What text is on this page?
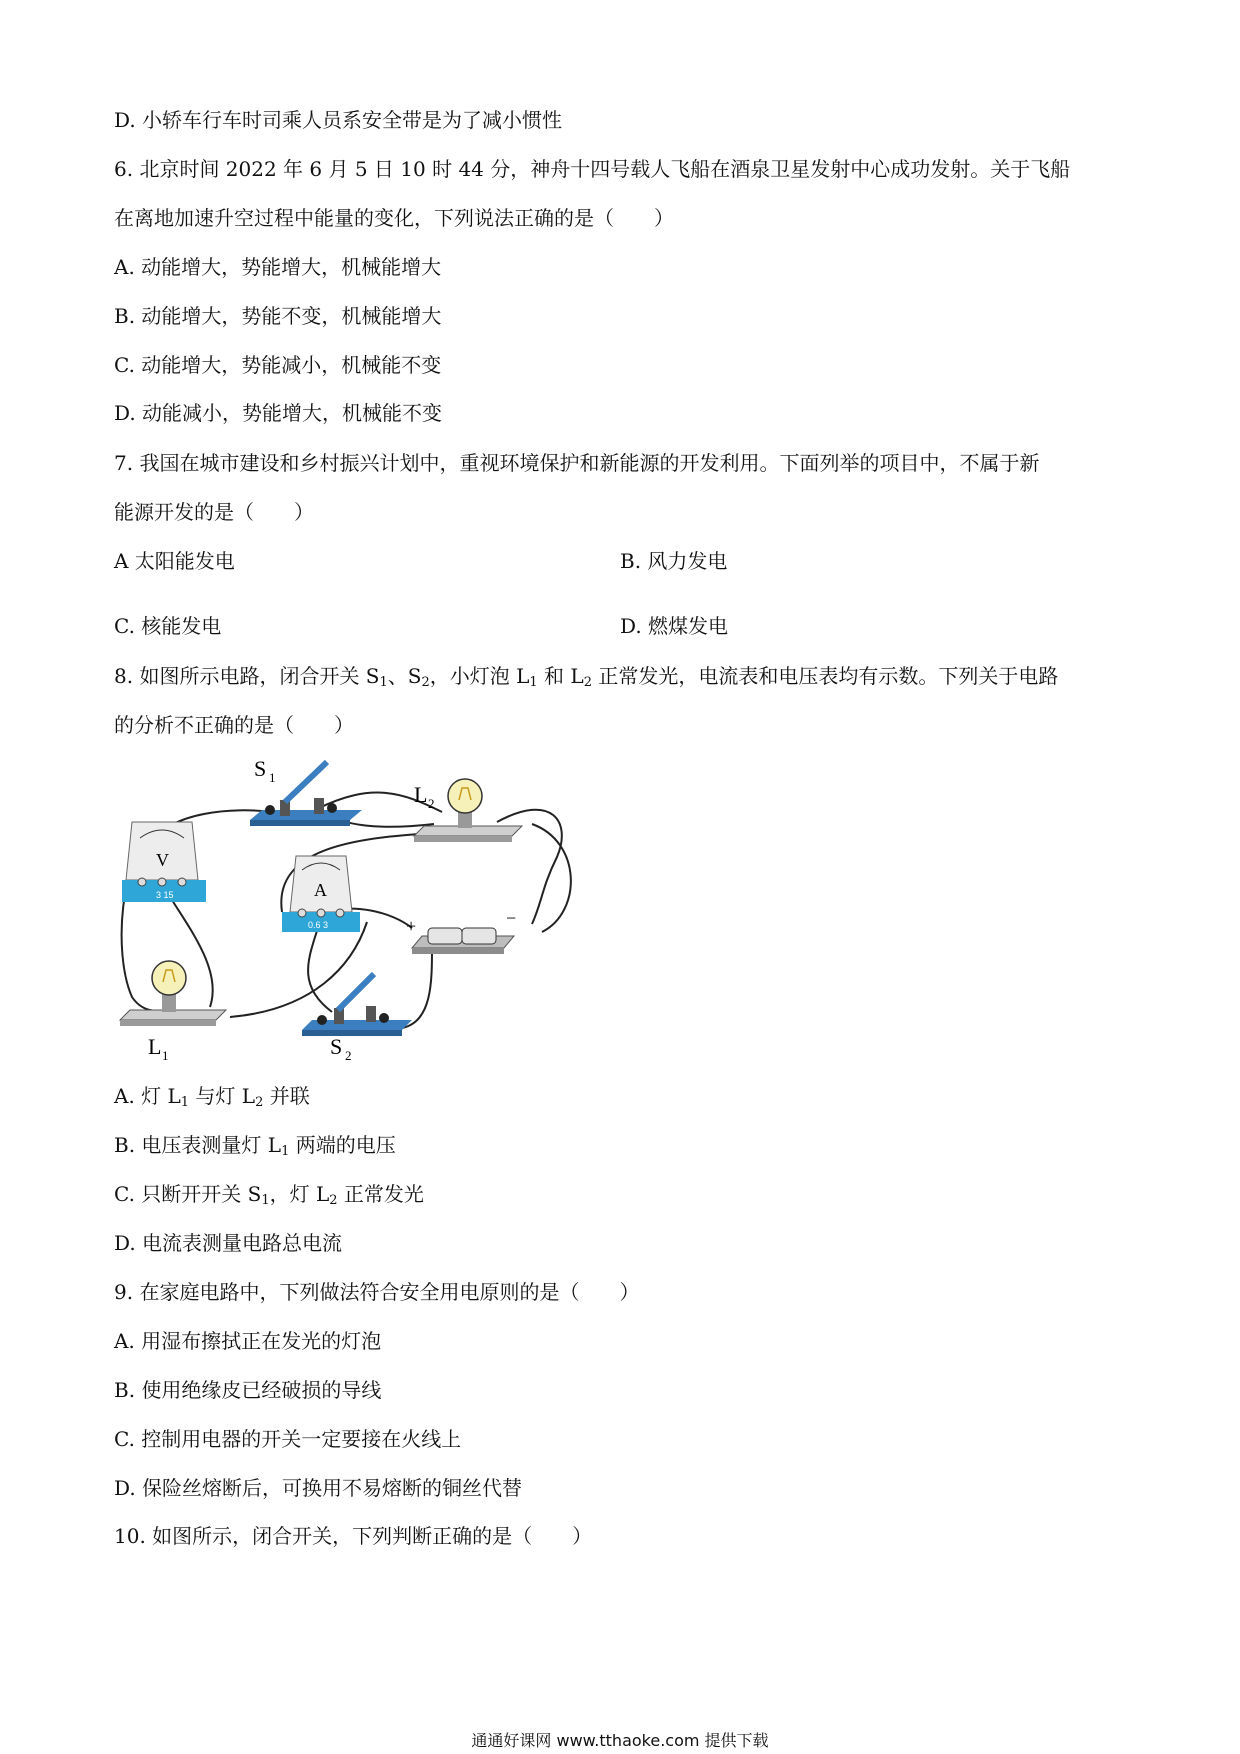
D. 小轿车行车时司乘人员系安全带是为了减小惯性
6. 北京时间 2022 年 6 月 5 日 10 时 44 分，神舟十四号载人飞船在酒泉卫星发射中心成功发射。关于飞船
在离地加速升空过程中能量的变化，下列说法正确的是（　　）
A. 动能增大，势能增大，机械能增大
B. 动能增大，势能不变，机械能增大
C. 动能增大，势能减小，机械能不变
D. 动能减小，势能增大，机械能不变
7. 我国在城市建设和乡村振兴计划中，重视环境保护和新能源的开发利用。下面列举的项目中，不属于新
能源开发的是（　　）
A 太阳能发电	B. 风力发电
C. 核能发电	D. 燃煤发电
8. 如图所示电路，闭合开关 $S_1$、$S_2$，小灯泡 $L_1$ 和 $L_2$ 正常发光，电流表和电压表均有示数。下列关于电路
的分析不正确的是（　　）
S 1
L 2
V
3 15	A
0.6 3	+	−
L 1	S 2
A. 灯 $L_1$ 与灯 $L_2$ 并联
B. 电压表测量灯 $L_1$ 两端的电压
C. 只断开开关 $S_1$，灯 $L_2$ 正常发光
D. 电流表测量电路总电流
9. 在家庭电路中，下列做法符合安全用电原则的是（　　）
A. 用湿布擦拭正在发光的灯泡
B. 使用绝缘皮已经破损的导线
C. 控制用电器的开关一定要接在火线上
D. 保险丝熔断后，可换用不易熔断的铜丝代替
10. 如图所示，闭合开关，下列判断正确的是（　　）
通通好课网 www.tthaoke.com 提供下载
